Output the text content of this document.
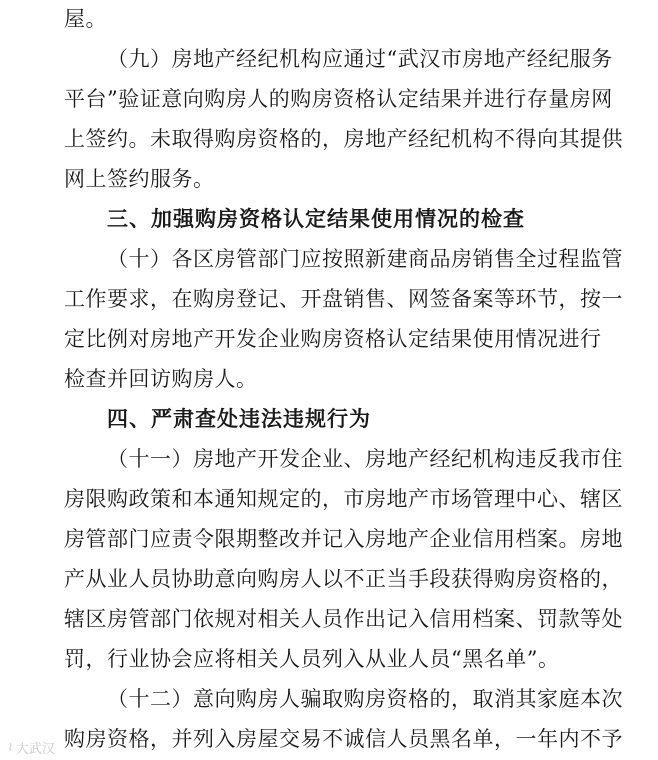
屋。
（九）房地产经纪机构应通过“武汉市房地产经纪服务
平台”验证意向购房人的购房资格认定结果并进行存量房网
上签约。未取得购房资格的，房地产经纪机构不得向其提供
网上签约服务。
三、加强购房资格认定结果使用情况的检查
（十）各区房管部门应按照新建商品房销售全过程监管
工作要求，在购房登记、开盘销售、网签备案等环节，按一
定比例对房地产开发企业购房资格认定结果使用情况进行
检查并回访购房人。
四、严肃查处违法违规行为
（十一）房地产开发企业、房地产经纪机构违反我市住
房限购政策和本通知规定的，市房地产市场管理中心、辖区
房管部门应责令限期整改并记入房地产企业信用档案。房地
产从业人员协助意向购房人以不正当手段获得购房资格的，
辖区房管部门依规对相关人员作出记入信用档案、罚款等处
罚，行业协会应将相关人员列入从业人员“黑名单”。
（十二）意向购房人骗取购房资格的，取消其家庭本次
购房资格，并列入房屋交易不诚信人员黑名单，一年内不予
≀ 大武汉
